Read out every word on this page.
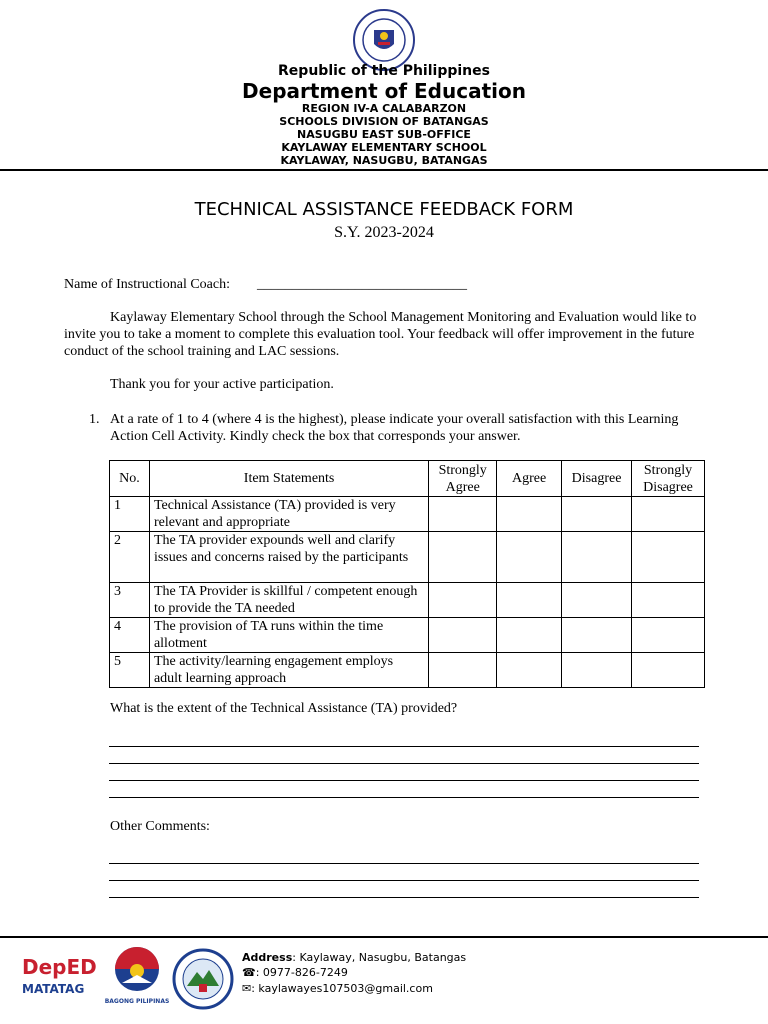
Republic of the Philippines
Department of Education
REGION IV-A CALABARZON
SCHOOLS DIVISION OF BATANGAS
NASUGBU EAST SUB-OFFICE
KAYLAWAY ELEMENTARY SCHOOL
KAYLAWAY, NASUGBU, BATANGAS
TECHNICAL ASSISTANCE FEEDBACK FORM
S.Y. 2023-2024
Name of Instructional Coach: ______________________________
Kaylaway Elementary School through the School Management Monitoring and Evaluation would like to invite you to take a moment to complete this evaluation tool. Your feedback will offer improvement in the future conduct of the school training and LAC sessions.
Thank you for your active participation.
1. At a rate of 1 to 4 (where 4 is the highest), please indicate your overall satisfaction with this Learning Action Cell Activity. Kindly check the box that corresponds your answer.
No.	Item Statements	Strongly Agree	Agree	Disagree	Strongly Disagree
1	Technical Assistance (TA) provided is very relevant and appropriate				
2	The TA provider expounds well and clarify issues and concerns raised by the participants				
3	The TA Provider is skillful / competent enough to provide the TA needed				
4	The provision of TA runs within the time allotment				
5	The activity/learning engagement employs adult learning approach				
What is the extent of the Technical Assistance (TA) provided?
Other Comments:
DepED
MATATAG
BAGONG PILIPINAS
Address: Kaylaway, Nasugbu, Batangas
☎: 0977-826-7249
✉: kaylawayes107503@gmail.com
